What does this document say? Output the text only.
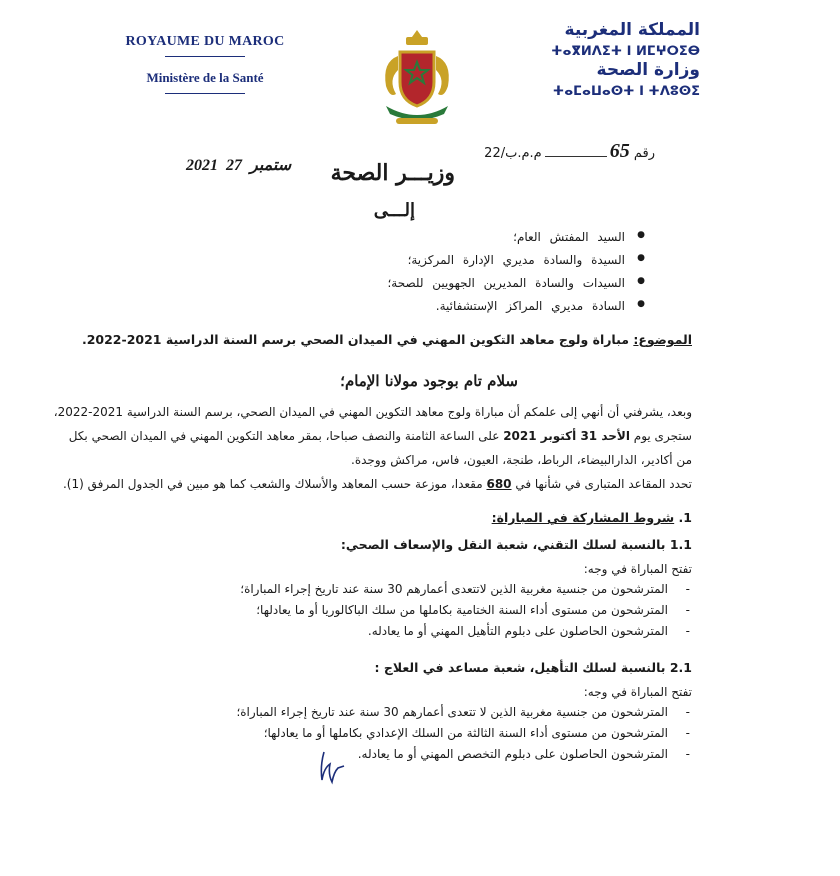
ROYAUME DU MAROC
Ministère de la Santé
المملكة المغربية
ⵜⴰⴳⵍⴷⵉⵜ ⵏ ⵍⵎⵖⵔⵉⴱ
وزارة الصحة
ⵜⴰⵎⴰⵡⴰⵙⵜ ⵏ ⵜⴷⵓⵙⵉ
رقم 65م.م.ب/22
2021 ستمبر 27 وزيـــر الصحة
إلـــى
● السيد المفتش العام؛
● السيدة والسادة مديري الإدارة المركزية؛
● السيدات والسادة المديرين الجهويين للصحة؛
● السادة مديري المراكز الإستشفائية.
الموضوع: مباراة ولوج معاهد التكوين المهني في الميدان الصحي برسم السنة الدراسية 2021-2022.
سلام تام بوجود مولانا الإمام؛
وبعد، يشرفني أن أنهي إلى علمكم أن مباراة ولوج معاهد التكوين المهني في الميدان الصحي، برسم السنة الدراسية 2021-2022،
ستجرى يوم الأحد 31 أكتوبر 2021 على الساعة الثامنة والنصف صباحا، بمقر معاهد التكوين المهني في الميدان الصحي بكل
من أكادير، الدارالبيضاء، الرباط، طنجة، العيون، فاس، مراكش ووجدة.
تحدد المقاعد المتبارى في شأنها في 680 مقعدا، موزعة حسب المعاهد والأسلاك والشعب كما هو مبين في الجدول المرفق (1).
1. شروط المشاركة في المباراة:
1.1 بالنسبة لسلك التقني، شعبة النقل والإسعاف الصحي:
تفتح المباراة في وجه:
- المترشحون من جنسية مغربية الذين لاتتعدى أعمارهم 30 سنة عند تاريخ إجراء المباراة؛
- المترشحون من مستوى أداء السنة الختامية بكاملها من سلك الباكالوريا أو ما يعادلها؛
- المترشحون الحاصلون على دبلوم التأهيل المهني أو ما يعادله.
2.1 بالنسبة لسلك التأهيل، شعبة مساعد في العلاج :
تفتح المباراة في وجه:
- المترشحون من جنسية مغربية الذين لا تتعدى أعمارهم 30 سنة عند تاريخ إجراء المباراة؛
- المترشحون من مستوى أداء السنة الثالثة من السلك الإعدادي بكاملها أو ما يعادلها؛
- المترشحون الحاصلون على دبلوم التخصص المهني أو ما يعادله.
